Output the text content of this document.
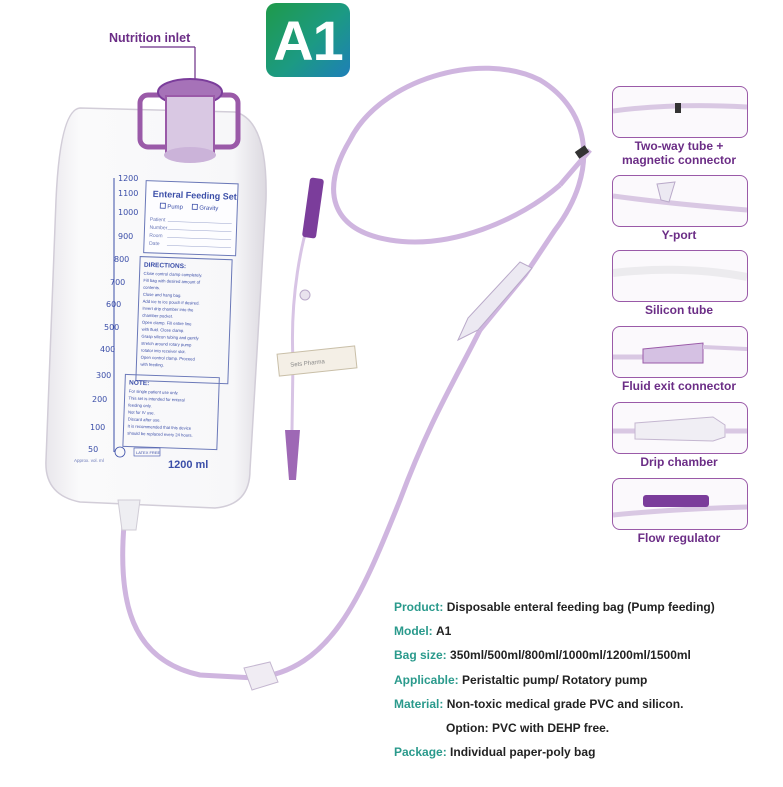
A1
Nutrition inlet
Sets Pharma
1200
1100
1000
900
800
700
600
500
400
300
200
100
50
Enteral Feeding Set
Pump	Gravity
Patient
Number
Room
Date
DIRECTIONS:
Close control clamp completely.
Fill bag with desired amount of
contents.
Close and hang bag.
Add ice to ice pouch if desired.
Invert drip chamber into the
chamber pocket.
Open clamp. Fill entire line
with fluid. Close clamp.
Grasp silicon tubing and gently
stretch around rotary pump
rotator into receiver slot.
Open control clamp. Proceed
with feeding.
NOTE:
For single patient use only.
This set is intended for enteral
feeding only.
Not for IV use.
Discard after use.
It is recommended that this device
should be replaced every 24 hours.
Approx. vol. ml
LATEX FREE
1200 ml
Two-way tube +
magnetic connector
Y-port
Silicon tube
Fluid exit connector
Drip chamber
Flow regulator
Product: Disposable enteral feeding bag (Pump feeding)
Model: A1
Bag size: 350ml/500ml/800ml/1000ml/1200ml/1500ml
Applicable: Peristaltic pump/ Rotatory pump
Material: Non-toxic medical grade PVC and silicon.
Option: PVC with DEHP free.
Package: Individual paper-poly bag
